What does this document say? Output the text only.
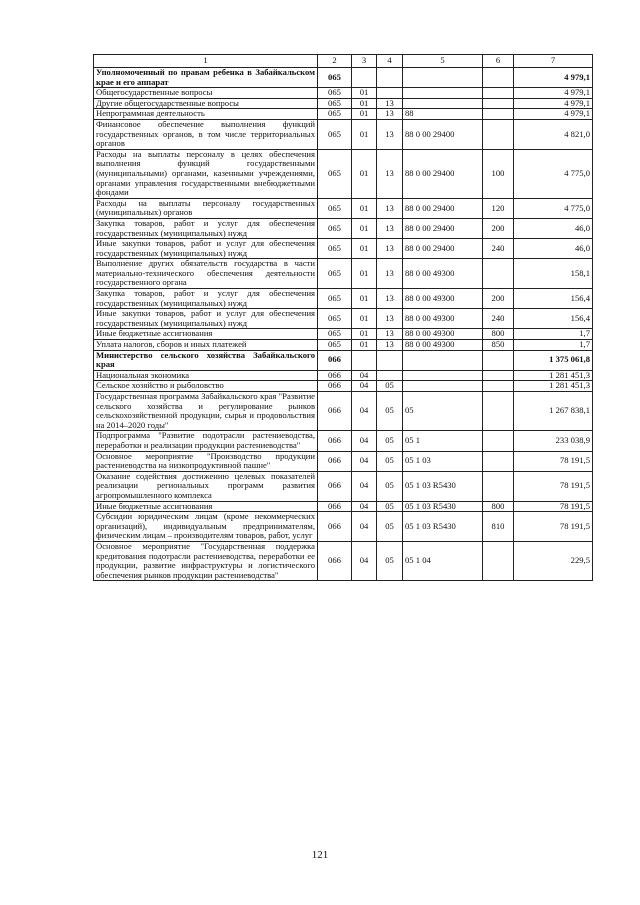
1	2	3	4	5	6	7
Уполномоченный по правам ребенка в Забайкальском крае и его аппарат	065					4 979,1
Общегосударственные вопросы	065	01				4 979,1
Другие общегосударственные вопросы	065	01	13			4 979,1
Непрограммная деятельность	065	01	13	88		4 979,1
Финансовое обеспечение выполнения функций государственных органов, в том числе территориальных органов	065	01	13	88 0 00 29400		4 821,0
Расходы на выплаты персоналу в целях обеспечения выполнения функций государственными (муниципальными) органами, казенными учреждениями, органами управления государственными внебюджетными фондами	065	01	13	88 0 00 29400	100	4 775,0
Расходы на выплаты персоналу государственных (муниципальных) органов	065	01	13	88 0 00 29400	120	4 775,0
Закупка товаров, работ и услуг для обеспечения государственных (муниципальных) нужд	065	01	13	88 0 00 29400	200	46,0
Иные закупки товаров, работ и услуг для обеспечения государственных (муниципальных) нужд	065	01	13	88 0 00 29400	240	46,0
Выполнение других обязательств государства в части материально-технического обеспечения деятельности государственного органа	065	01	13	88 0 00 49300		158,1
Закупка товаров, работ и услуг для обеспечения государственных (муниципальных) нужд	065	01	13	88 0 00 49300	200	156,4
Иные закупки товаров, работ и услуг для обеспечения государственных (муниципальных) нужд	065	01	13	88 0 00 49300	240	156,4
Иные бюджетные ассигнования	065	01	13	88 0 00 49300	800	1,7
Уплата налогов, сборов и иных платежей	065	01	13	88 0 00 49300	850	1,7
Министерство сельского хозяйства Забайкальского края	066					1 375 061,8
Национальная экономика	066	04				1 281 451,3
Сельское хозяйство и рыболовство	066	04	05			1 281 451,3
Государственная программа Забайкальского края "Развитие сельского хозяйства и регулирование рынков сельскохозяйственной продукции, сырья и продовольствия на 2014–2020 годы"	066	04	05	05		1 267 838,1
Подпрограмма "Развитие подотрасли растениеводства, переработки и реализации продукции растениеводства"	066	04	05	05 1		233 038,9
Основное мероприятие "Производство продукции растениеводства на низкопродуктивной пашне"	066	04	05	05 1 03		78 191,5
Оказание содействия достижению целевых показателей реализации региональных программ развития агропромышленного комплекса	066	04	05	05 1 03 R5430		78 191,5
Иные бюджетные ассигнования	066	04	05	05 1 03 R5430	800	78 191,5
Субсидии юридическим лицам (кроме некоммерческих организаций), индивидуальным предпринимателям, физическим лицам – производителям товаров, работ, услуг	066	04	05	05 1 03 R5430	810	78 191,5
Основное мероприятие "Государственная поддержка кредитования подотрасли растениеводства, переработки ее продукции, развитие инфраструктуры и логистического обеспечения рынков продукции растениеводства"	066	04	05	05 1 04		229,5
121
